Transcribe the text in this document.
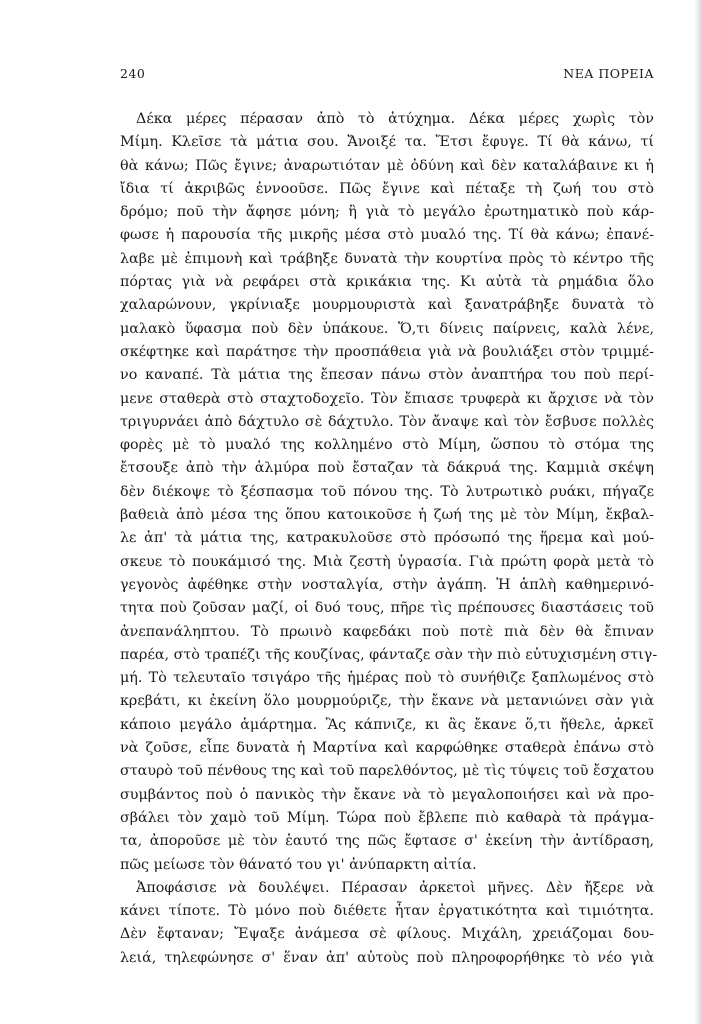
240	ΝΕΑ ΠΟΡΕΙΑ
Δέκα μέρες πέρασαν ἀπὸ τὸ ἀτύχημα. Δέκα μέρες χωρὶς τὸν
Μίμη. Κλεῖσε τὰ μάτια σου. Ἄνοιξέ τα. Ἔτσι ἔφυγε. Τί θὰ κάνω, τί
θὰ κάνω; Πῶς ἔγινε; ἀναρωτιόταν μὲ ὀδύνη καὶ δὲν καταλάβαινε κι ἡ
ἴδια τί ἀκριβῶς ἐννοοῦσε. Πῶς ἔγινε καὶ πέταξε τὴ ζωή του στὸ
δρόμο; ποῦ τὴν ἄφησε μόνη; ἢ γιὰ τὸ μεγάλο ἐρωτηματικὸ ποὺ κάρ-
φωσε ἡ παρουσία τῆς μικρῆς μέσα στὸ μυαλό της. Τί θὰ κάνω; ἐπανέ-
λαβε μὲ ἐπιμονὴ καὶ τράβηξε δυνατὰ τὴν κουρτίνα πρὸς τὸ κέντρο τῆς
πόρτας γιὰ νὰ ρεφάρει στὰ κρικάκια της. Κι αὐτὰ τὰ ρημάδια ὅλο
χαλαρώνουν, γκρίνιαξε μουρμουριστὰ καὶ ξανατράβηξε δυνατὰ τὸ
μαλακὸ ὕφασμα ποὺ δὲν ὑπάκουε. Ὅ,τι δίνεις παίρνεις, καλὰ λένε,
σκέφτηκε καὶ παράτησε τὴν προσπάθεια γιὰ νὰ βουλιάξει στὸν τριμμέ-
νο καναπέ. Τὰ μάτια της ἔπεσαν πάνω στὸν ἀναπτήρα του ποὺ περί-
μενε σταθερὰ στὸ σταχτοδοχεῖο. Τὸν ἔπιασε τρυφερὰ κι ἄρχισε νὰ τὸν
τριγυρνάει ἀπὸ δάχτυλο σὲ δάχτυλο. Τὸν ἄναψε καὶ τὸν ἔσβυσε πολλὲς
φορὲς μὲ τὸ μυαλό της κολλημένο στὸ Μίμη, ὥσπου τὸ στόμα της
ἔτσουξε ἀπὸ τὴν ἁλμύρα ποὺ ἔσταζαν τὰ δάκρυά της. Καμμιὰ σκέψη
δὲν διέκοψε τὸ ξέσπασμα τοῦ πόνου της. Τὸ λυτρωτικὸ ρυάκι, πήγαζε
βαθειὰ ἀπὸ μέσα της ὅπου κατοικοῦσε ἡ ζωή της μὲ τὸν Μίμη, ἔκβαλ-
λε ἀπ' τὰ μάτια της, κατρακυλοῦσε στὸ πρόσωπό της ἥρεμα καὶ μού-
σκευε τὸ πουκάμισό της. Μιὰ ζεστὴ ὑγρασία. Γιὰ πρώτη φορὰ μετὰ τὸ
γεγονὸς ἀφέθηκε στὴν νοσταλγία, στὴν ἀγάπη. Ἡ ἁπλὴ καθημερινό-
τητα ποὺ ζοῦσαν μαζί, οἱ δυό τους, πῆρε τὶς πρέπουσες διαστάσεις τοῦ
ἀνεπανάληπτου. Τὸ πρωινὸ καφεδάκι ποὺ ποτὲ πιὰ δὲν θὰ ἔπιναν
παρέα, στὸ τραπέζι τῆς κουζίνας, φάνταζε σὰν τὴν πιὸ εὐτυχισμένη στιγ-
μή. Τὸ τελευταῖο τσιγάρο τῆς ἡμέρας ποὺ τὸ συνήθιζε ξαπλωμένος στὸ
κρεβάτι, κι ἐκείνη ὅλο μουρμούριζε, τὴν ἔκανε νὰ μετανιώνει σὰν γιὰ
κάποιο μεγάλο ἁμάρτημα. Ἂς κάπνιζε, κι ἂς ἔκανε ὅ,τι ἤθελε, ἀρκεῖ
νὰ ζοῦσε, εἶπε δυνατὰ ἡ Μαρτίνα καὶ καρφώθηκε σταθερὰ ἐπάνω στὸ
σταυρὸ τοῦ πένθους της καὶ τοῦ παρελθόντος, μὲ τὶς τύψεις τοῦ ἔσχατου
συμβάντος ποὺ ὁ πανικὸς τὴν ἔκανε νὰ τὸ μεγαλοποιήσει καὶ νὰ προ-
σβάλει τὸν χαμὸ τοῦ Μίμη. Τώρα ποὺ ἔβλεπε πιὸ καθαρὰ τὰ πράγμα-
τα, ἀποροῦσε μὲ τὸν ἑαυτό της πῶς ἔφτασε σ' ἐκείνη τὴν ἀντίδραση,
πῶς μείωσε τὸν θάνατό του γι' ἀνύπαρκτη αἰτία.
Ἀποφάσισε νὰ δουλέψει. Πέρασαν ἀρκετοὶ μῆνες. Δὲν ἤξερε νὰ
κάνει τίποτε. Τὸ μόνο ποὺ διέθετε ἦταν ἐργατικότητα καὶ τιμιότητα.
Δὲν ἔφταναν; Ἔψαξε ἀνάμεσα σὲ φίλους. Μιχάλη, χρειάζομαι δου-
λειά, τηλεφώνησε σ' ἕναν ἀπ' αὐτοὺς ποὺ πληροφορήθηκε τὸ νέο γιὰ
